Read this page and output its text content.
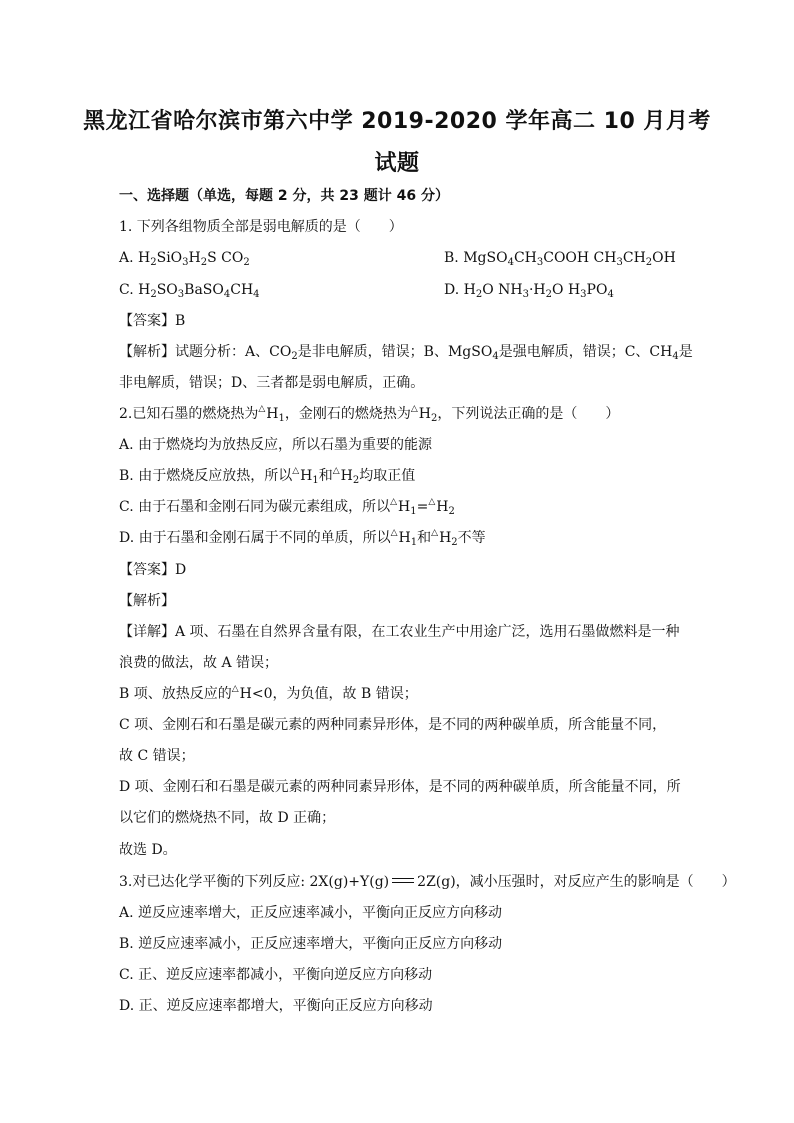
黑龙江省哈尔滨市第六中学 2019-2020 学年高二 10 月月考
试题
一、选择题（单选，每题 2 分，共 23 题计 46 分）
1. 下列各组物质全部是弱电解质的是（　　）
A. $H_2SiO_3H_2S$ $CO_2$	B. $MgSO_4CH_3COOH$ $CH_3CH_2OH$
C. $H_2SO_3BaSO_4CH_4$	D. $H_2O$ $NH_3\cdot H_2O$ $H_3PO_4$
【答案】B
【解析】试题分析：A、$CO_2$是非电解质，错误；B、MgSO$_4$是强电解质，错误；C、$CH_4$是
非电解质，错误；D、三者都是弱电解质，正确。
2.已知石墨的燃烧热为$^\triangle H_1$，金刚石的燃烧热为$^\triangle H_2$，下列说法正确的是（　　）
A. 由于燃烧均为放热反应，所以石墨为重要的能源
B. 由于燃烧反应放热，所以$^\triangle H_1$和$^\triangle H_2$均取正值
C. 由于石墨和金刚石同为碳元素组成，所以$^\triangle H_1=^\triangle H_2$
D. 由于石墨和金刚石属于不同的单质，所以$^\triangle H_1$和$^\triangle H_2$不等
【答案】D
【解析】
【详解】A 项、石墨在自然界含量有限，在工农业生产中用途广泛，选用石墨做燃料是一种
浪费的做法，故 A 错误；
B 项、放热反应的△H<0，为负值，故 B 错误；
C 项、金刚石和石墨是碳元素的两种同素异形体，是不同的两种碳单质，所含能量不同，
故 C 错误；
D 项、金刚石和石墨是碳元素的两种同素异形体，是不同的两种碳单质，所含能量不同，所
以它们的燃烧热不同，故 D 正确；
故选 D。
3.对已达化学平衡的下列反应: 2X(g)+Y(g) 2Z(g)，减小压强时，对反应产生的影响是（　　）
A. 逆反应速率增大，正反应速率减小，平衡向正反应方向移动
B. 逆反应速率减小，正反应速率增大，平衡向正反应方向移动
C. 正、逆反应速率都减小，平衡向逆反应方向移动
D. 正、逆反应速率都增大，平衡向正反应方向移动
